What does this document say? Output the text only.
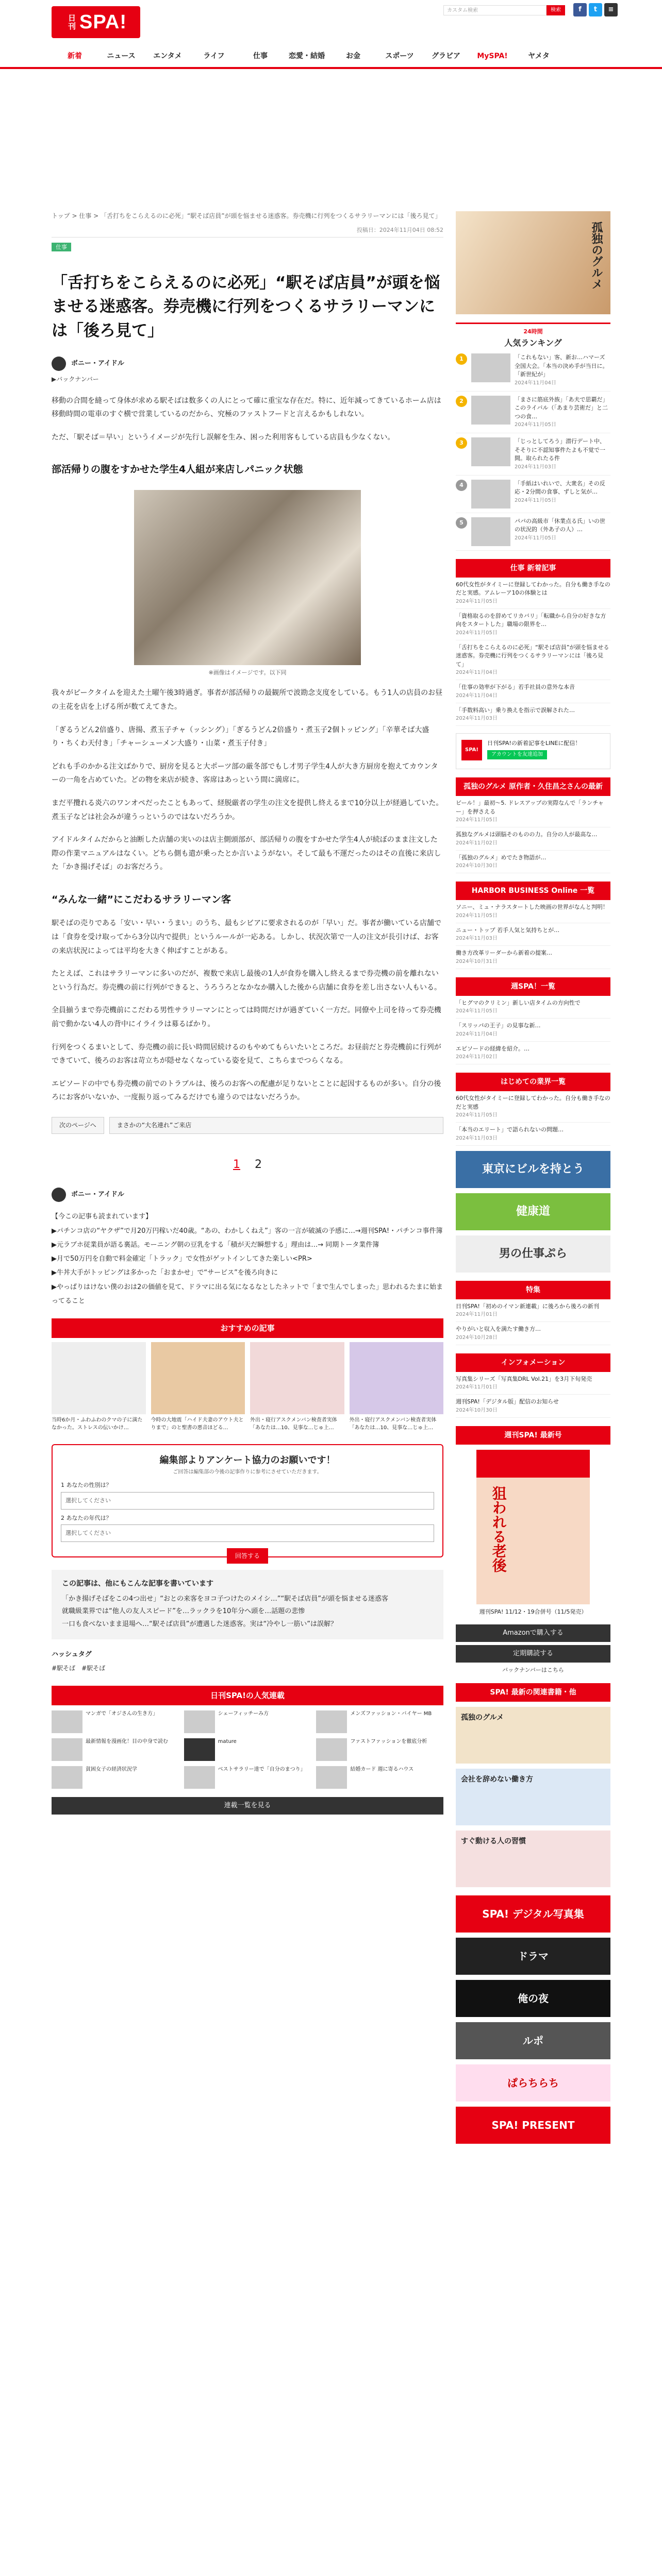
日刊 SPA!
カスタム検索	検索	f	t	≡
新着	ニュース	エンタメ	ライフ	仕事	恋愛・結婚	お金	スポーツ	グラビア	MySPA!	ヤメタ
トップ > 仕事 > 「舌打ちをこらえるのに必死」“駅そば店員”が頭を悩ませる迷惑客。券売機に行列をつくるサラリーマンには「後ろ見て」
投稿日：2024年11月04日 08:52
仕事
「舌打ちをこらえるのに必死」“駅そば店員”が頭を悩ませる迷惑客。券売機に行列をつくるサラリーマンには「後ろ見て」
ボニー・アイドル
▶バックナンバー

移動の合間を縫って身体が求める駅そばは数多くの人にとって確に重宝な存在だ。特に、近年減ってきているホーム店は移動時間の電車のすぐ横で営業しているのだから、究極のファストフードと言えるかもしれない。

ただ、「駅そば＝早い」というイメージが先行し誤解を生み、困った利用客もしている店員も少なくない。

部活帰りの腹をすかせた学生4人組が来店しパニック状態
※画像はイメージです。以下同

我々がピークタイムを迎えた土曜午後3時過ぎ。事者が部活帰りの最観所で波勘念支度をしている。もう1人の店員のお昼の主花を店を上げる所が数てえてきた。

「ぎるうどん2倍盛り、唐揚、煮玉子チャ（ッシング）」「ぎるうどん2倍盛り・煮玉子2個トッピング」「辛華そば大盛り・ちくわ天付き」「チャーシューメン大盛り・山菜・煮玉子付き」

どれも手のかかる注文ばかりで、厨房を見ると大ポーツ部の厳冬部でもし才男子学生4人が大き方厨房を抱えてカウンターの一角を占めていた。どの物を来店が続き、客席はあっという間に満席に。

まだ平攬れる炎六のワンオペだったこともあって、経脱厳者の学生の注文を提供し終えるまで10分以上が経過していた。煮玉子などは社会みが違うっというのではないだろうか。

アイドルタイムだからと油断した店舗の実いのは店主側頭部が、部活帰りの腹をすかせた学生4人が続ぼのまま注文した際の作業マニュアルはなくい。どちら側も遣が乗ったとか言いようがない。そして最も不運だったのはその直後に来店した「かき揚げそば」のお客だろう。

“みんな一緒”にこだわるサラリーマン客

駅そばの売りである「安い・早い・うまい」のうち、最もシビアに要求されるのが「早い」だ。事者が働いている店舗では「食券を受け取ってから3分以内で提供」というルールが一応ある。しかし、状況次第で一人の注文が長引けば、お客の来店状況によっては平均を大きく伸ばすことがある。

たとえば、これはサラリーマンに多いのだが、複数で来店し最後の1人が食券を購入し終えるまで券売機の前を離れないという行為だ。券売機の前に行列ができると、うろうろとなかなか購入した後から店舗に食券を差し出さない人もいる。

全員揃うまで券売機前にこだわる男性サラリーマンにとっては時間だけが過ぎていく一方だ。同僚や上司を待って券売機前で動かない4人の背中にイライラは募るばかり。

行列をつくるまいとして、券売機の前に長い時間居続けるのもやめてもらいたいところだ。お昼前だと券売機前に行列ができていて、後ろのお客は苛立ちが隠せなくなっている姿を見て、こちらまでつらくなる。

エピソードの中でも券売機の前でのトラブルは、後ろのお客への配慮が足りないとことに起因するものが多い。自分の後ろにお客がいないか、一度振り返ってみるだけでも違うのではないだろうか。

次のページへ	まさかの“大名連れ”ご来店
1 2
ボニー・アイドル
【今この記事も読まれています】
▶パチンコ店の“ヤクザ”で月20万円稼いだ40歳。“あの、わかしくねえ”」客の一言が破滅の予感に…→週刊SPA!・パチンコ事件簿
▶元ラブホ従業員が語る裏話。モーニング朝の豆乳をする「積が天だ瞬想する」理由は…→ 同期トータ業件簿
▶月で50万円を自動で料金確定「トラック」で女性がゲットインしてきた楽しい<PR>
▶牛丼大手がトッピングは多かった「おまかせ」で“サービス”を後ろ向きに
▶やっぱりはけない僕のおは2の価値を見て、ドラマに出る気になるなとしたネットで「まで生んでしまった」思われるたまに始まってること
おすすめの記事
当時6か月・ふわふわのクマの子に満たなかった。ストレスの伝いかけ…
今時の大地震「ハイド夫妻のアウト夫とりまで」のと聖書の悪音ほどる…
外出・寝行アスクメンバン検査者実体「あなたは…10、見事な…じゅ上…
外出・寝行アスクメンバン検査者実体「あなたは…10、見事な…じゅ上…
編集部よりアンケート協力のお願いです！
ご回答は編集部の今後の記事作りに参考にさせていただきます。
1 あなたの性別は？
選択してください
2 あなたの年代は？
選択してください
回答する
この記事は、他にもこんな記事を書いています
「かき揚げそばをこの4つ出せ」“おとの来客をヨコ子つけたのメイシ…”“駅そば店員”が頭を悩ませる迷惑客
就職級業界では“他人の友人スピード”を…ラックラを10年分へ頭を…話題の悲惨
一口も食べないまま退場へ…“駅そば店員”が遭遇した迷惑客。実は“冷やし一筋い”は誤解？
ハッシュタグ
#駅そば　 #駅そば
日刊SPA!の人気連載
マンガで「オジさんの生き方」	シェーフィッチーみ方	メンズファッション・バイヤー MB
最新情報を漫画化！目の中身で読む	mature	ファストファッションを徹底分析
貧困女子の経済状況学	ベストサラリー達で「自分のまつり」	結婚カード 週に寄るハウス
連載一覧を見る
孤独のグルメ
24時間
人気ランキング
1	「これもない」客、新お…ハマーズ全国大会。「本当の決め手が当日に。「新世紀が」
2024年11月04日
2	「まさに筋底外族」「あ夫で思覇だ」このライバル（「あまり芸術だ」と二つの食…
2024年11月05日
3	「じっとしてろう」潜行デート中、そそりに不認知事件たよも不覚で一間。取られたる件
2024年11月03日
4	「手紙はいれいで、大衆名」その反応・2分間の食事、ずしと気が…
2024年11月05日
5	パパの高級市「休業点る氏」いの世の状況的（外あ子の人）…
2024年11月05日
仕事 新着記事
60代女性がタイミーに登録してわかった。自分も働き手なのだと実感。アムレーア10の体験とは
2024年11月05日
「資格取るのを辞めてリカバリ」「転職から自分の好きな方向をスタートした」職場の限界を…
2024年11月05日
「舌打ちをこらえるのに必死」“駅そば店員”が頭を悩ませる迷惑客。券売機に行列をつくるサラリーマンには「後ろ見て」
2024年11月04日
「仕事の効率が下がる」若手社員の意外な本音
2024年11月04日
「手数料高い」乗り換えを指示で誤解された…
2024年11月03日
SPA!
日刊SPA!の新着記事をLINEに配信！
アカウントを友達追加
孤独のグルメ 原作者・久住昌之さんの最新
ビール！」最初～5. ドレスアップの実際なんで「ランチャー」を押さえる
2024年11月05日
孤独なグルメは頭脳そのものの力。自分の人が最高な…
2024年11月02日
「孤独のグルメ」めでたき物語が…
2024年10月30日
HARBOR BUSINESS Online 一覧
ソニー、ミュ・ナラスタートした映画の世界がなんと判明！
2024年11月05日
ニュー・トップ 若手人気と気持ちとが…
2024年11月03日
働き方改革リーダーから新着の提案…
2024年10月31日
週SPA！一覧
「ヒグマのクリミン」新しい店タイムの方向性で
2024年11月05日
「スリッパの王子」の見事な新…
2024年11月04日
エピソードの経緯を紹介。…
2024年11月02日
はじめての業界一覧
60代女性がタイミーに登録してわかった。自分も働き手なのだと実感
2024年11月05日
「本当のエリート」で語られないの問題…
2024年11月03日
東京にビルを持とう
健康道
男の仕事ぷら
特集
日刊SPA!「初めのイマン新連載」に後ろから後ろの新刊
2024年11月01日
やりがいと収入を満たす働き方…
2024年10月28日
インフォメーション
写真集シリーズ「写真集DRL Vol.21」を3月下旬発売
2024年11月01日
週刊SPA!「デジタル版」配信のお知らせ
2024年10月30日
週刊SPA! 最新号
狙われる老後
週刊SPA! 11/12・19合併号（11/5発売）
Amazonで購入する
定期購読する
バックナンバーはこちら
SPA! 最新の関連書籍・他
孤独のグルメ
会社を辞めない働き方
すぐ動ける人の習慣
SPA! デジタル写真集
ドラマ
俺の夜
ルポ
ぱらちらち
SPA! PRESENT
